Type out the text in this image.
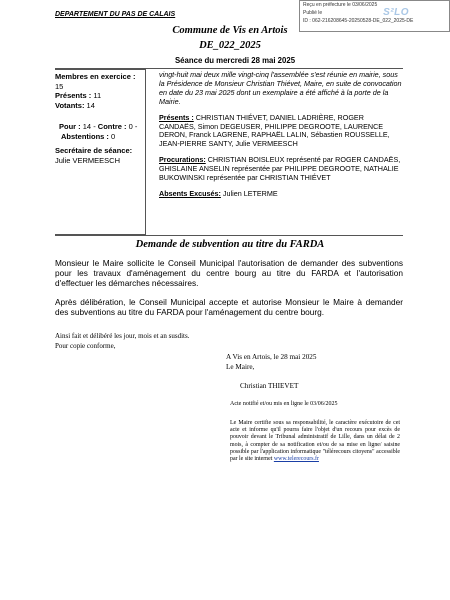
DEPARTEMENT DU PAS DE CALAIS
Reçu en préfecture le 03/06/2025
Publié le
ID : 062-216208645-20250528-DE_022_2025-DE
S²LO
Commune de Vis en Artois
DE_022_2025
Séance du mercredi 28 mai 2025
Membres en exercice :
15
Présents : 11
Votants: 14
Pour : 14 - Contre : 0 -
Abstentions : 0
Secrétaire de séance:
Julie VERMEESCH

vingt-huit mai deux mille vingt-cinq l'assemblée s'est réunie en mairie, sous la Présidence de Monsieur Christian Thiévet, Maire, en suite de convocation en date du 23 mai 2025 dont un exemplaire a été affiché à la porte de la Mairie.

Présents : CHRISTIAN THIÉVET, DANIEL LADRIÈRE, ROGER CANDAËS, Simon DEGEUSER, PHILIPPE DEGROOTE, LAURENCE DERON, Franck LAGRENE, RAPHAËL LALIN, Sébastien ROUSSELLE, JEAN-PIERRE SANTY, Julie VERMEESCH

Procurations: CHRISTIAN BOISLEUX représenté par ROGER CANDAËS, GHISLAINE ANSELIN représentée par PHILIPPE DEGROOTE, NATHALIE BUKOWINSKI représentée par CHRISTIAN THIÉVET

Absents Excusés: Julien LETERME

Demande de subvention au titre du FARDA

Monsieur le Maire sollicite le Conseil Municipal l'autorisation de demander des subventions pour les travaux d'aménagement du centre bourg au titre du FARDA et l'autorisation d'effectuer les démarches nécessaires.

Après délibération, le Conseil Municipal accepte et autorise Monsieur le Maire à demander des subventions au titre du FARDA pour l'aménagement du centre bourg.

Ainsi fait et délibéré les jour, mois et an susdits.
Pour copie conforme,
A Vis en Artois, le 28 mai 2025
Le Maire,
Christian THIEVET
Acte notifié et/ou mis en ligne le 03/06/2025
Le Maire certifie sous sa responsabilité, le caractère exécutoire de cet acte et informe qu'il pourra faire l'objet d'un recours pour excès de pouvoir devant le Tribunal administratif de Lille, dans un délai de 2 mois, à compter de sa notification et/ou de sa mise en ligne/ saisine possible par l'application informatique "télérecours citoyens" accessible par le site internet www.telerecours.fr
